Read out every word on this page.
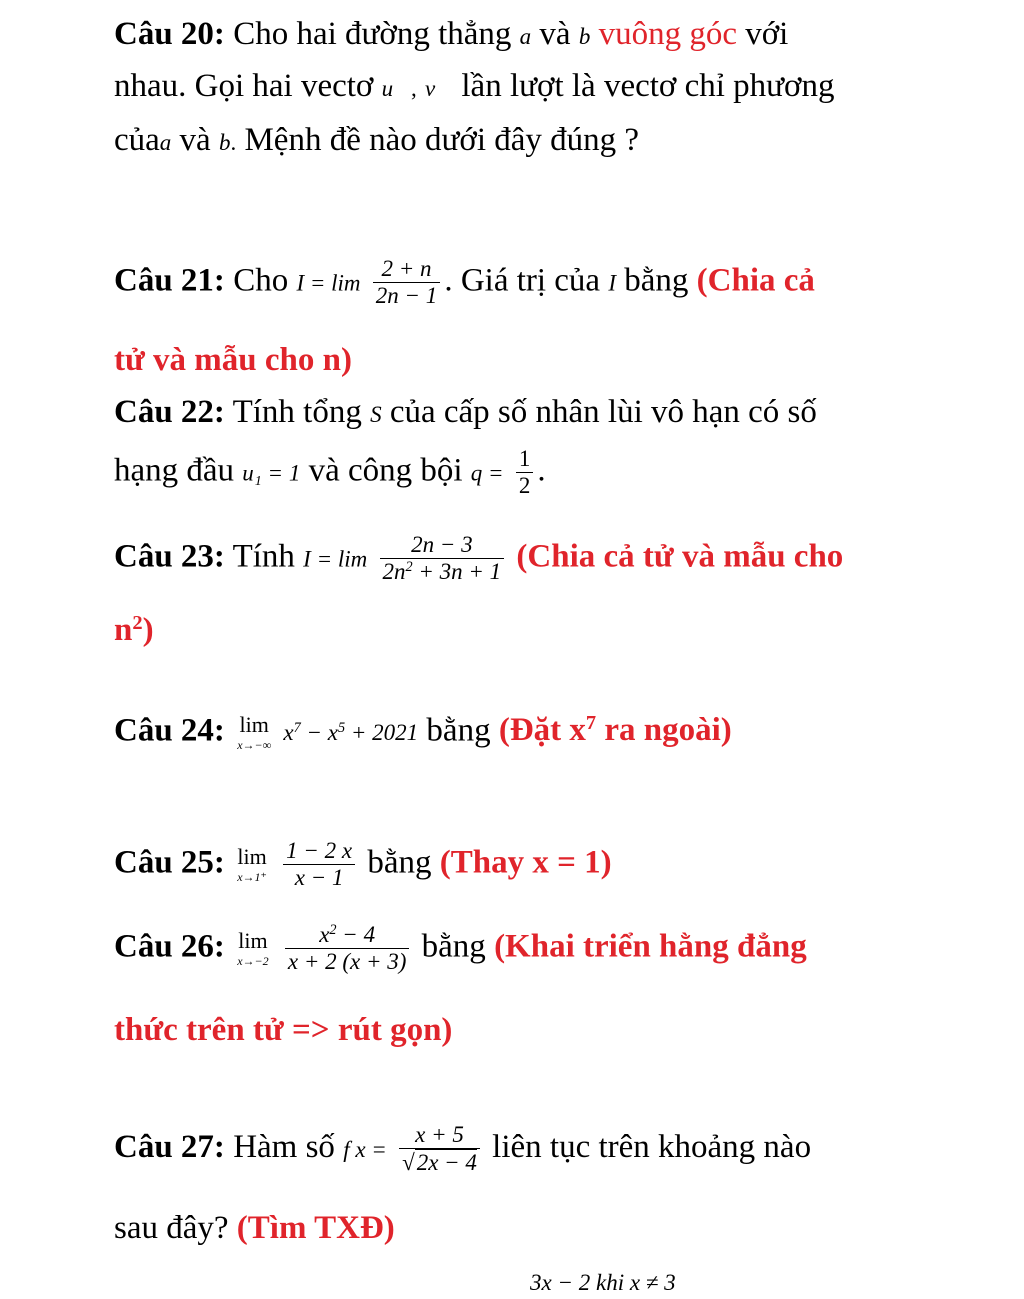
Câu 20: Cho hai đường thẳng a và b vuông góc với
nhau. Gọi hai vectơ u⃗, v⃗ lần lượt là vectơ chỉ phương
củaa và b. Mệnh đề nào dưới đây đúng ?
Câu 21: Cho $I = \lim \frac{2 + n}{2n - 1}$ . Giá trị của I bằng (Chia cả
tử và mẫu cho n)
Câu 22: Tính tổng S của cấp số nhân lùi vô hạn có số
hạng đầu u₁ = 1 và công bội $q = \frac{1}{2}$ .
Câu 23: Tính $I = \lim \frac{2n - 3}{2n^2 + 3n + 1}$ (Chia cả tử và mẫu cho
$n^2$)
Câu 24: lim
x→−∞ $x^7 - x^5 + 2021$ bằng (Đặt $x^7$ ra ngoài)
Câu 25: lim
x→1⁺
$\frac{1 - 2 x}{x - 1}$ bằng (Thay x = 1)
Câu 26: lim
x→−2
$\frac{x^2 - 4}{x + 2 (x + 3)}$ bằng (Khai triển hằng đẳng
thức trên tử => rút gọn)
Câu 27: Hàm số f $x = \frac{x + 5}{√2x - 4}$ liên tục trên khoảng nào
sau đây? (Tìm TXĐ)
3x − 2 khi x ≠ 3
